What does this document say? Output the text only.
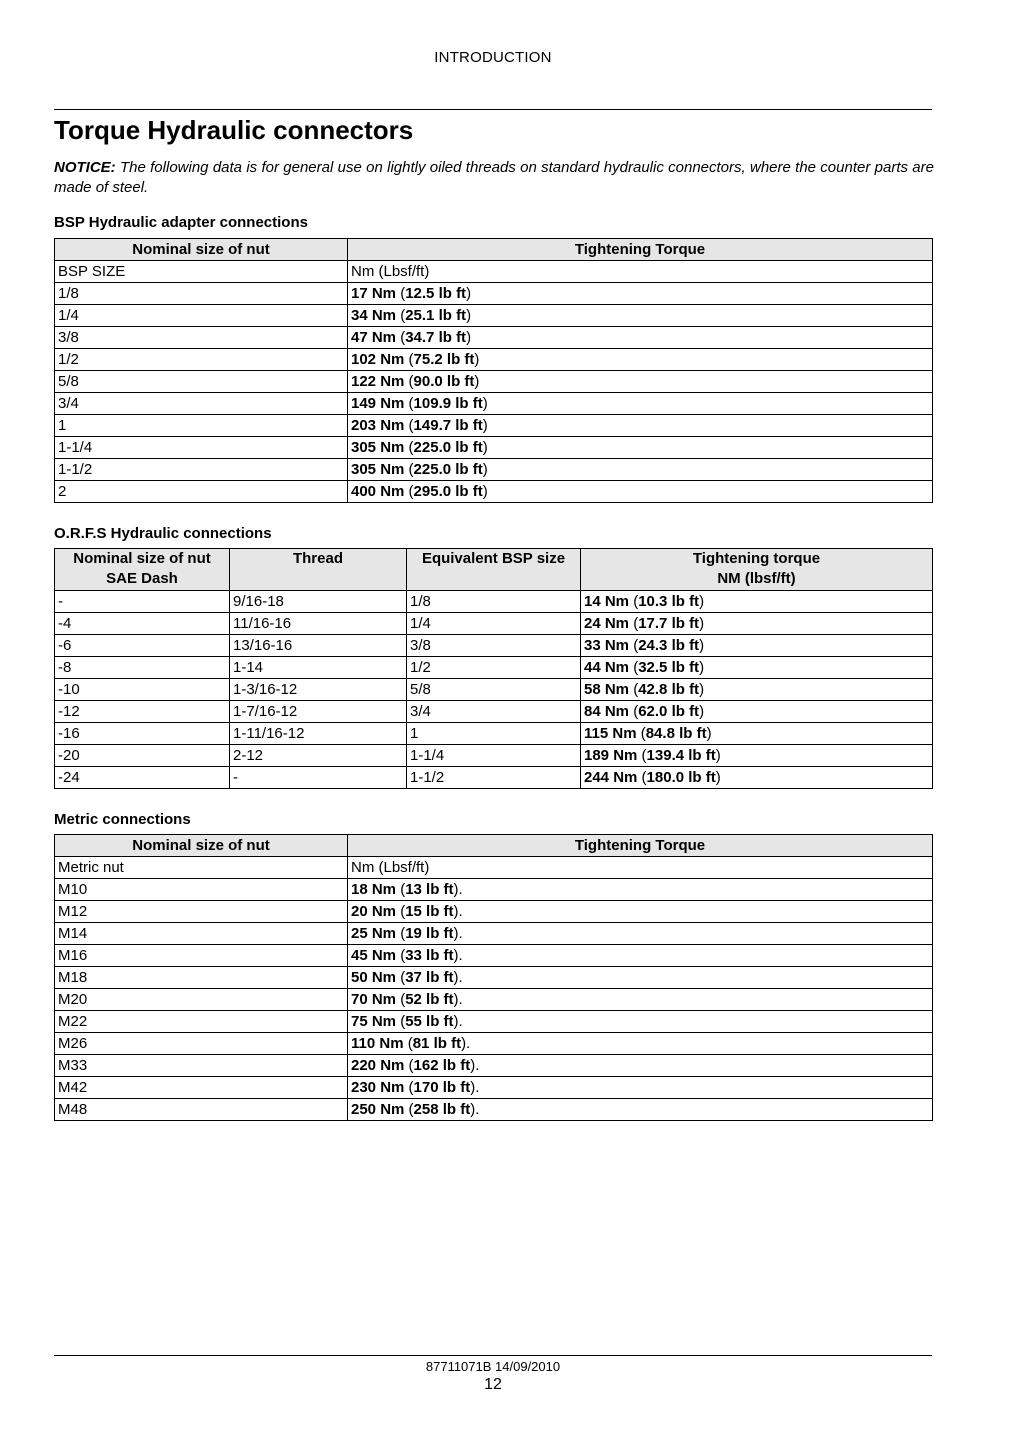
INTRODUCTION
Torque Hydraulic connectors

NOTICE: The following data is for general use on lightly oiled threads on standard hydraulic connectors, where the counter parts are made of steel.

BSP Hydraulic adapter connections
Nominal size of nut	Tightening Torque
BSP SIZE	Nm (Lbsf/ft)
1/8	17 Nm (12.5 lb ft)
1/4	34 Nm (25.1 lb ft)
3/8	47 Nm (34.7 lb ft)
1/2	102 Nm (75.2 lb ft)
5/8	122 Nm (90.0 lb ft)
3/4	149 Nm (109.9 lb ft)
1	203 Nm (149.7 lb ft)
1-1/4	305 Nm (225.0 lb ft)
1-1/2	305 Nm (225.0 lb ft)
2	400 Nm (295.0 lb ft)
O.R.F.S Hydraulic connections
Nominal size of nut
SAE Dash	Thread	Equivalent BSP size	Tightening torque
NM (lbsf/ft)
-	9/16-18	1/8	14 Nm (10.3 lb ft)
-4	11/16-16	1/4	24 Nm (17.7 lb ft)
-6	13/16-16	3/8	33 Nm (24.3 lb ft)
-8	1-14	1/2	44 Nm (32.5 lb ft)
-10	1-3/16-12	5/8	58 Nm (42.8 lb ft)
-12	1-7/16-12	3/4	84 Nm (62.0 lb ft)
-16	1-11/16-12	1	115 Nm (84.8 lb ft)
-20	2-12	1-1/4	189 Nm (139.4 lb ft)
-24	-	1-1/2	244 Nm (180.0 lb ft)
Metric connections
Nominal size of nut	Tightening Torque
Metric nut	Nm (Lbsf/ft)
M10	18 Nm (13 lb ft).
M12	20 Nm (15 lb ft).
M14	25 Nm (19 lb ft).
M16	45 Nm (33 lb ft).
M18	50 Nm (37 lb ft).
M20	70 Nm (52 lb ft).
M22	75 Nm (55 lb ft).
M26	110 Nm (81 lb ft).
M33	220 Nm (162 lb ft).
M42	230 Nm (170 lb ft).
M48	250 Nm (258 lb ft).
87711071B 14/09/2010
12
